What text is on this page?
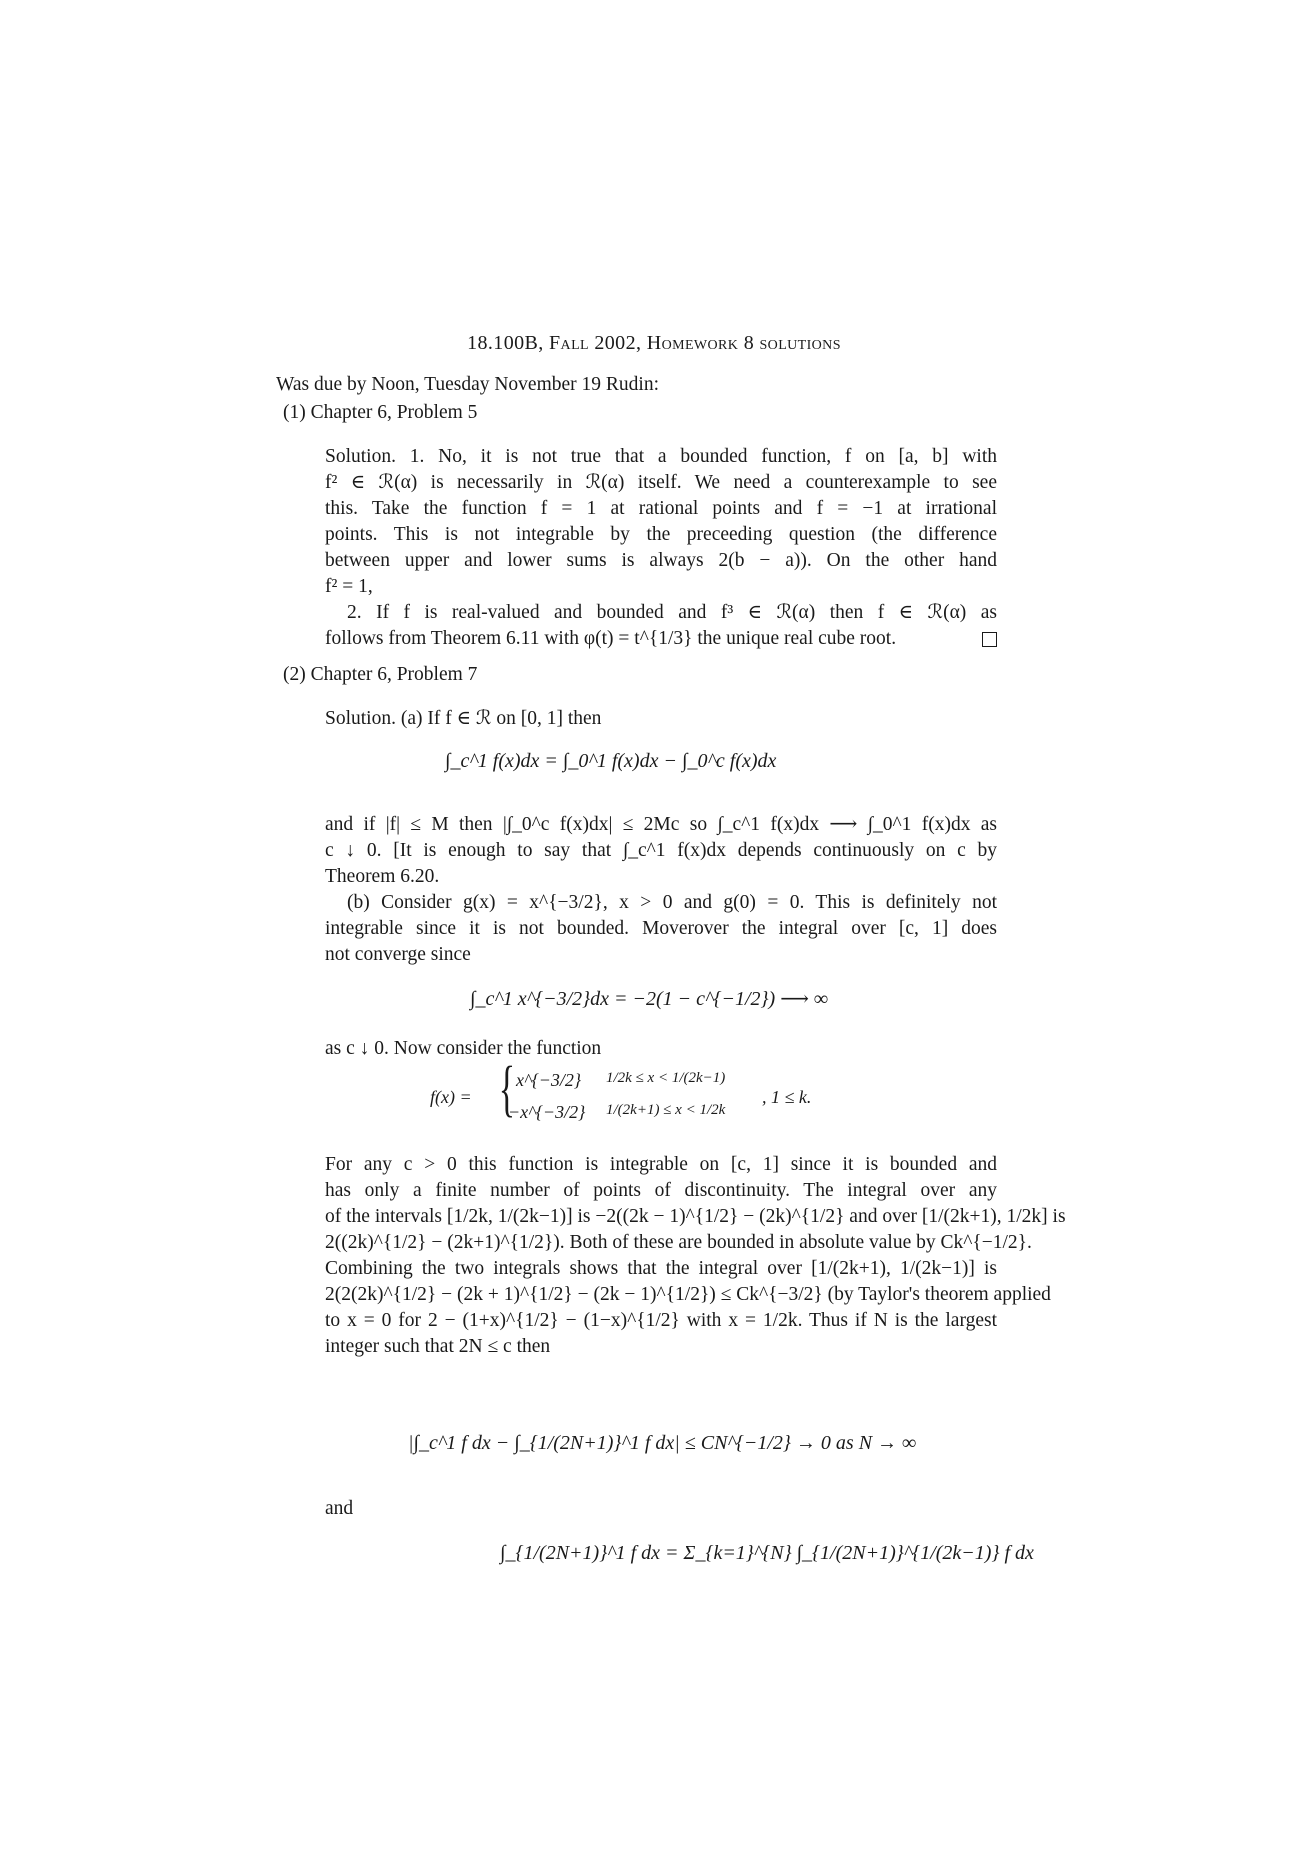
18.100B, Fall 2002, Homework 8 solutions
Was due by Noon, Tuesday November 19 Rudin:
(1) Chapter 6, Problem 5
Solution. 1. No, it is not true that a bounded function, f on [a, b] with
f² ∈ ℛ(α) is necessarily in ℛ(α) itself. We need a counterexample to see
this. Take the function f = 1 at rational points and f = −1 at irrational
points. This is not integrable by the preceeding question (the difference
between upper and lower sums is always 2(b − a)). On the other hand
f² = 1,
2. If f is real-valued and bounded and f³ ∈ ℛ(α) then f ∈ ℛ(α) as
follows from Theorem 6.11 with φ(t) = t^{1/3} the unique real cube root.
(2) Chapter 6, Problem 7
Solution. (a) If f ∈ ℛ on [0, 1] then
∫_c^1 f(x)dx = ∫_0^1 f(x)dx − ∫_0^c f(x)dx
and if |f| ≤ M then |∫_0^c f(x)dx| ≤ 2Mc so ∫_c^1 f(x)dx ⟶ ∫_0^1 f(x)dx as
c ↓ 0. [It is enough to say that ∫_c^1 f(x)dx depends continuously on c by
Theorem 6.20.
(b) Consider g(x) = x^{−3/2}, x > 0 and g(0) = 0. This is definitely not
integrable since it is not bounded. Moverover the integral over [c, 1] does
not converge since
∫_c^1 x^{−3/2}dx = −2(1 − c^{−1/2}) ⟶ ∞
as c ↓ 0. Now consider the function
f(x) = { x^{−3/2} 1/2k ≤ x < 1/(2k−1)
−x^{−3/2} 1/(2k+1) ≤ x < 1/2k
, 1 ≤ k.
For any c > 0 this function is integrable on [c, 1] since it is bounded and
has only a finite number of points of discontinuity. The integral over any
of the intervals [1/2k, 1/(2k−1)] is −2((2k − 1)^{1/2} − (2k)^{1/2} and over [1/(2k+1), 1/2k] is
2((2k)^{1/2} − (2k+1)^{1/2}). Both of these are bounded in absolute value by Ck^{−1/2}.
Combining the two integrals shows that the integral over [1/(2k+1), 1/(2k−1)] is
2(2(2k)^{1/2} − (2k + 1)^{1/2} − (2k − 1)^{1/2}) ≤ Ck^{−3/2} (by Taylor's theorem applied
to x = 0 for 2 − (1+x)^{1/2} − (1−x)^{1/2} with x = 1/2k. Thus if N is the largest
integer such that 2N ≤ c then
|∫_c^1 f dx − ∫_{1/(2N+1)}^1 f dx| ≤ CN^{−1/2} → 0 as N → ∞
and
∫_{1/(2N+1)}^1 f dx = Σ_{k=1}^{N} ∫_{1/(2N+1)}^{1/(2k−1)} f dx
